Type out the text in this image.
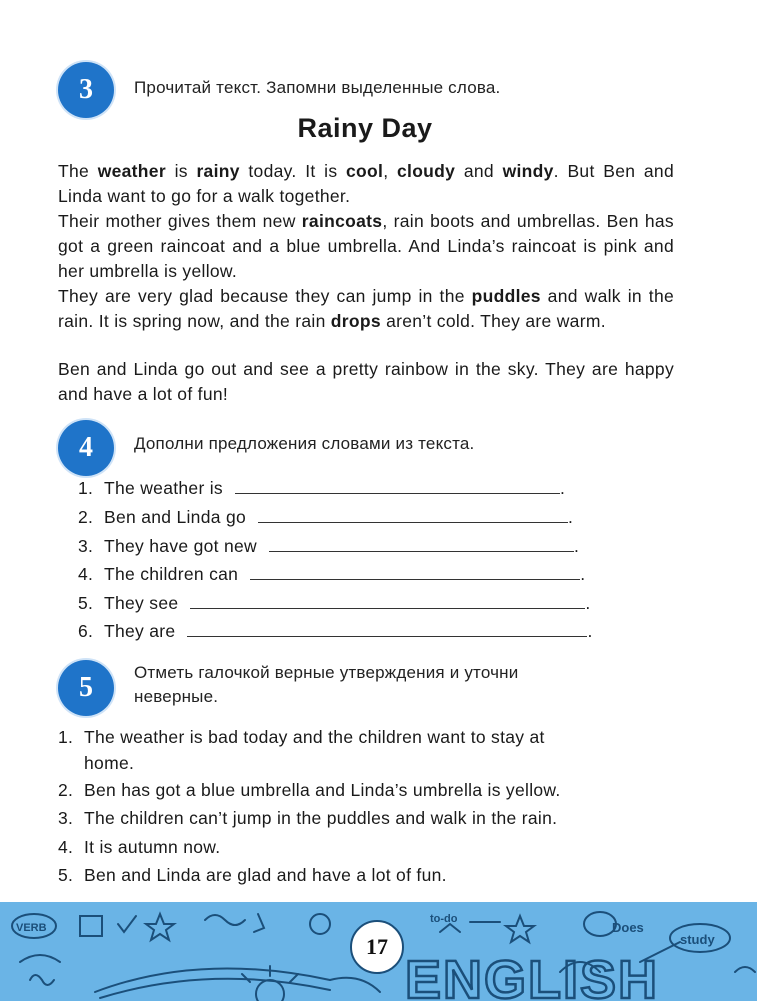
3	Прочитай текст. Запомни выделенные слова.
Rainy Day
The weather is rainy today. It is cool, cloudy and windy. But Ben and Linda want to go for a walk together.
Their mother gives them new raincoats, rain boots and umbrellas. Ben has got a green raincoat and a blue umbrella. And Linda’s raincoat is pink and her umbrella is yellow.
They are very glad because they can jump in the puddles and walk in the rain. It is spring now, and the rain drops aren’t cold. They are warm.
Ben and Linda go out and see a pretty rainbow in the sky. They are happy and have a lot of fun!
4	Дополни предложения словами из текста.
1. The weather is	.
2. Ben and Linda go	.
3. They have got new	.
4. The children can	.
5. They see	.
6. They are	.
5	Отметь галочкой верные утверждения и уточни
неверные.
1. The weather is bad today and the children want to stay at
home.
2. Ben has got a blue umbrella and Linda’s umbrella is yellow.
3. The children can’t jump in the puddles and walk in the rain.
4. It is autumn now.
5. Ben and Linda are glad and have a lot of fun.
VERB	Does
study
to-do
ENGLISH
17
